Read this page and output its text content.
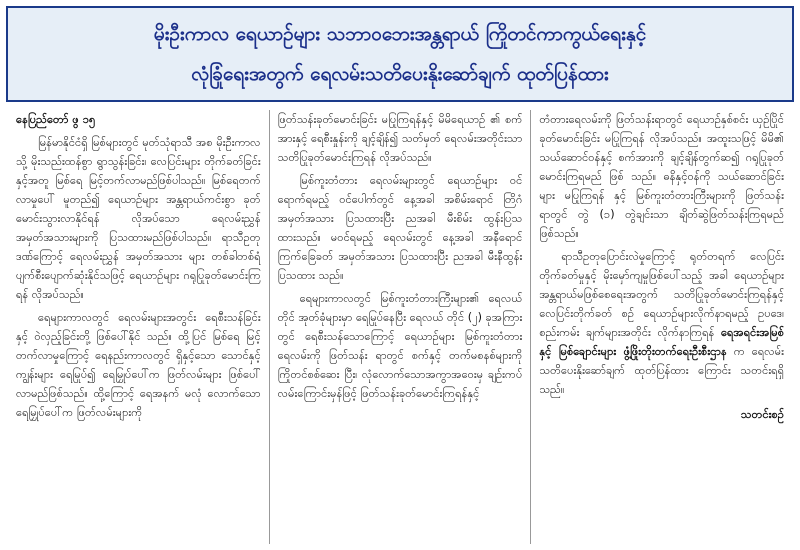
မိုးဦးကာလ ရေယာဉ်များ သဘာဝဘေးအန္တရာယ် ကြိုတင်ကာကွယ်ရေးနှင့်
လုံခြုံရေးအတွက် ရေလမ်းသတိပေးနိုးဆော်ချက် ထုတ်ပြန်ထား

နေပြည်တော် ဖွ ၁၅

မြန်မာနိုင်ငံရှိ မြစ်များတွင် မုတ်သုံရာသီ အစ မိုးဦးကာလသို့ မိုးသည်းထန်စွာ ရွာသွန်းခြင်း၊ လေပြင်းများ တိုက်ခတ်ခြင်းနှင့်အတူ မြစ်ရေ မြင့်တက်လာမည်ဖြစ်ပါသည်။ မြစ်ရေတက်လာမှုပေါ် မူတည်၍ ရေယာဉ်များ အန္တရာယ်ကင်းစွာ ခုတ် မောင်းသွားလာနိုင်ရန် လိုအပ်သော ရေလမ်းညွှန် အမှတ်အသားများကို ပြသထားမည်ဖြစ်ပါသည်။ ရာသီဥတုဒဏ်ကြောင့် ရေလမ်းညွှန် အမှတ်အသား များ တစ်ခါတစ်ရံ ပျက်စီးပျောက်ဆုံးနိုင်သဖြင့် ရေယာဉ်များ ဂရုပြုခုတ်မောင်းကြရန် လိုအပ်သည်။

ရေများကာလတွင် ရေလမ်းများအတွင်း ရေစီးသန်ခြင်းနှင့် ဝဲလှည့်ခြင်းတို့ ဖြစ်ပေါ်နိုင် သည်။ ထို့ပြင် မြစ်ရေ မြင့်တက်လာမှုကြောင့် ရေနည်းကာလတွင် ရှိနှင့်သော သောင်နှင့် ကျွန်းများ ရေမြုပ်၍ ရေမြှုပ်ပေါ်က ဖြတ်လမ်းများ ဖြစ်ပေါ် လာမည်ဖြစ်သည်။ ထို့ကြောင့် ရေအနက် မလုံ လောက်သော ရေမြှုပ်ပေါ်က ဖြတ်လမ်းများကို

ဖြတ်သန်းခုတ်မောင်းခြင်း မပြုကြရန်နှင့် မိမိရေယာဉ် ၏ စက်အားနှင့် ရေစီးနှုန်းကို ချင့်ချိန်၍ သတ်မှတ် ရေလမ်းအတိုင်းသာ သတိပြုခုတ်မောင်းကြရန် လိုအပ်သည်။

မြစ်ကူးတံတား ရေလမ်းများတွင် ရေယာဉ်များ ဝင်ရောက်ရမည့် ဝင်ပေါက်တွင် နေ့အခါ အစိမ်းရောင် တြိဂံအမှတ်အသား ပြသထားပြီး ညအခါ မီးစိမ်း ထွန်းပြသထားသည်။ မဝင်ရမည့် ရေလမ်းတွင် နေ့အခါ အနီရောင်ကြက်ခြေခတ် အမှတ်အသား ပြသထားပြီး ညအခါ မီးနီထွန်း ပြသထား သည်။

ရေများကာလတွင် မြစ်ကူးတံတားကြီးများ၏ ရေလယ်တိုင် အုတ်ခုံများမှာ ရေမြုပ်နေပြီး ရေလယ် တိုင် (၂) ခုအကြားတွင် ရေစီးသန်သောကြောင့် ရေယာဉ်များ မြစ်ကူးတံတားရေလမ်းကို ဖြတ်သန်း ရာတွင် စက်နှင့် တက်မစနစ်များကို ကြိုတင်စစ်ဆေး ပြီး၊ လုံလောက်သောအကွာအဝေးမှ ချဉ်းကပ် လမ်းကြောင်းမှန်ဖြင့် ဖြတ်သန်းခုတ်မောင်းကြရန်နှင့်

တံတားရေလမ်းကို ဖြတ်သန်းရာတွင် ရေယာဉ်နှစ်စင်း ယှဉ်ပြိုင်ခုတ်မောင်းခြင်း မပြုကြရန် လိုအပ်သည်။ အထူးသဖြင့် မိမိ၏ သယ်ဆောင်ဝန်နှင့် စက်အားကို ချင့်ချိန်တွက်ဆ၍ ဂရုပြုခုတ်မောင်းကြရမည် ဖြစ် သည်။ ဓနိနှင့်ဝန်ကို သယ်ဆောင်ခြင်းများ မပြုကြရန် နှင့် မြစ်ကူးတံတားကြီးများကို ဖြတ်သန်းရာတွင် တွဲ (၁) တွဲချင်းသာ ချိတ်ဆွဲဖြတ်သန်းကြရမည် ဖြစ်သည်။

ရာသီဥတုပြောင်းလဲမှုကြောင့် ရုတ်တရက် လေပြင်းတိုက်ခတ်မှုနှင့် မိုးမှော်ကျမှုဖြစ်ပေါ်သည့် အခါ ရေယာဉ်များ အန္တရာယ်မဖြစ်စေရေးအတွက် သတိပြုခုတ်မောင်းကြရန်နှင့် လေပြင်းတိုက်ခတ် စဉ် ရေယာဉ်များလိုက်နာရမည့် ဥပဒေ၊ စည်းကမ်း ချက်များအတိုင်း လိုက်နာကြရန် ရေအရင်းအမြစ် နှင့် မြစ်ချောင်းများ ဖွံ့ဖြိုးတိုးတက်ရေးဦးစီးဌာန က ရေလမ်းသတိပေးနိုးဆော်ချက် ထုတ်ပြန်ထား ကြောင်း သတင်းရရှိသည်။

သတင်းစဉ်
